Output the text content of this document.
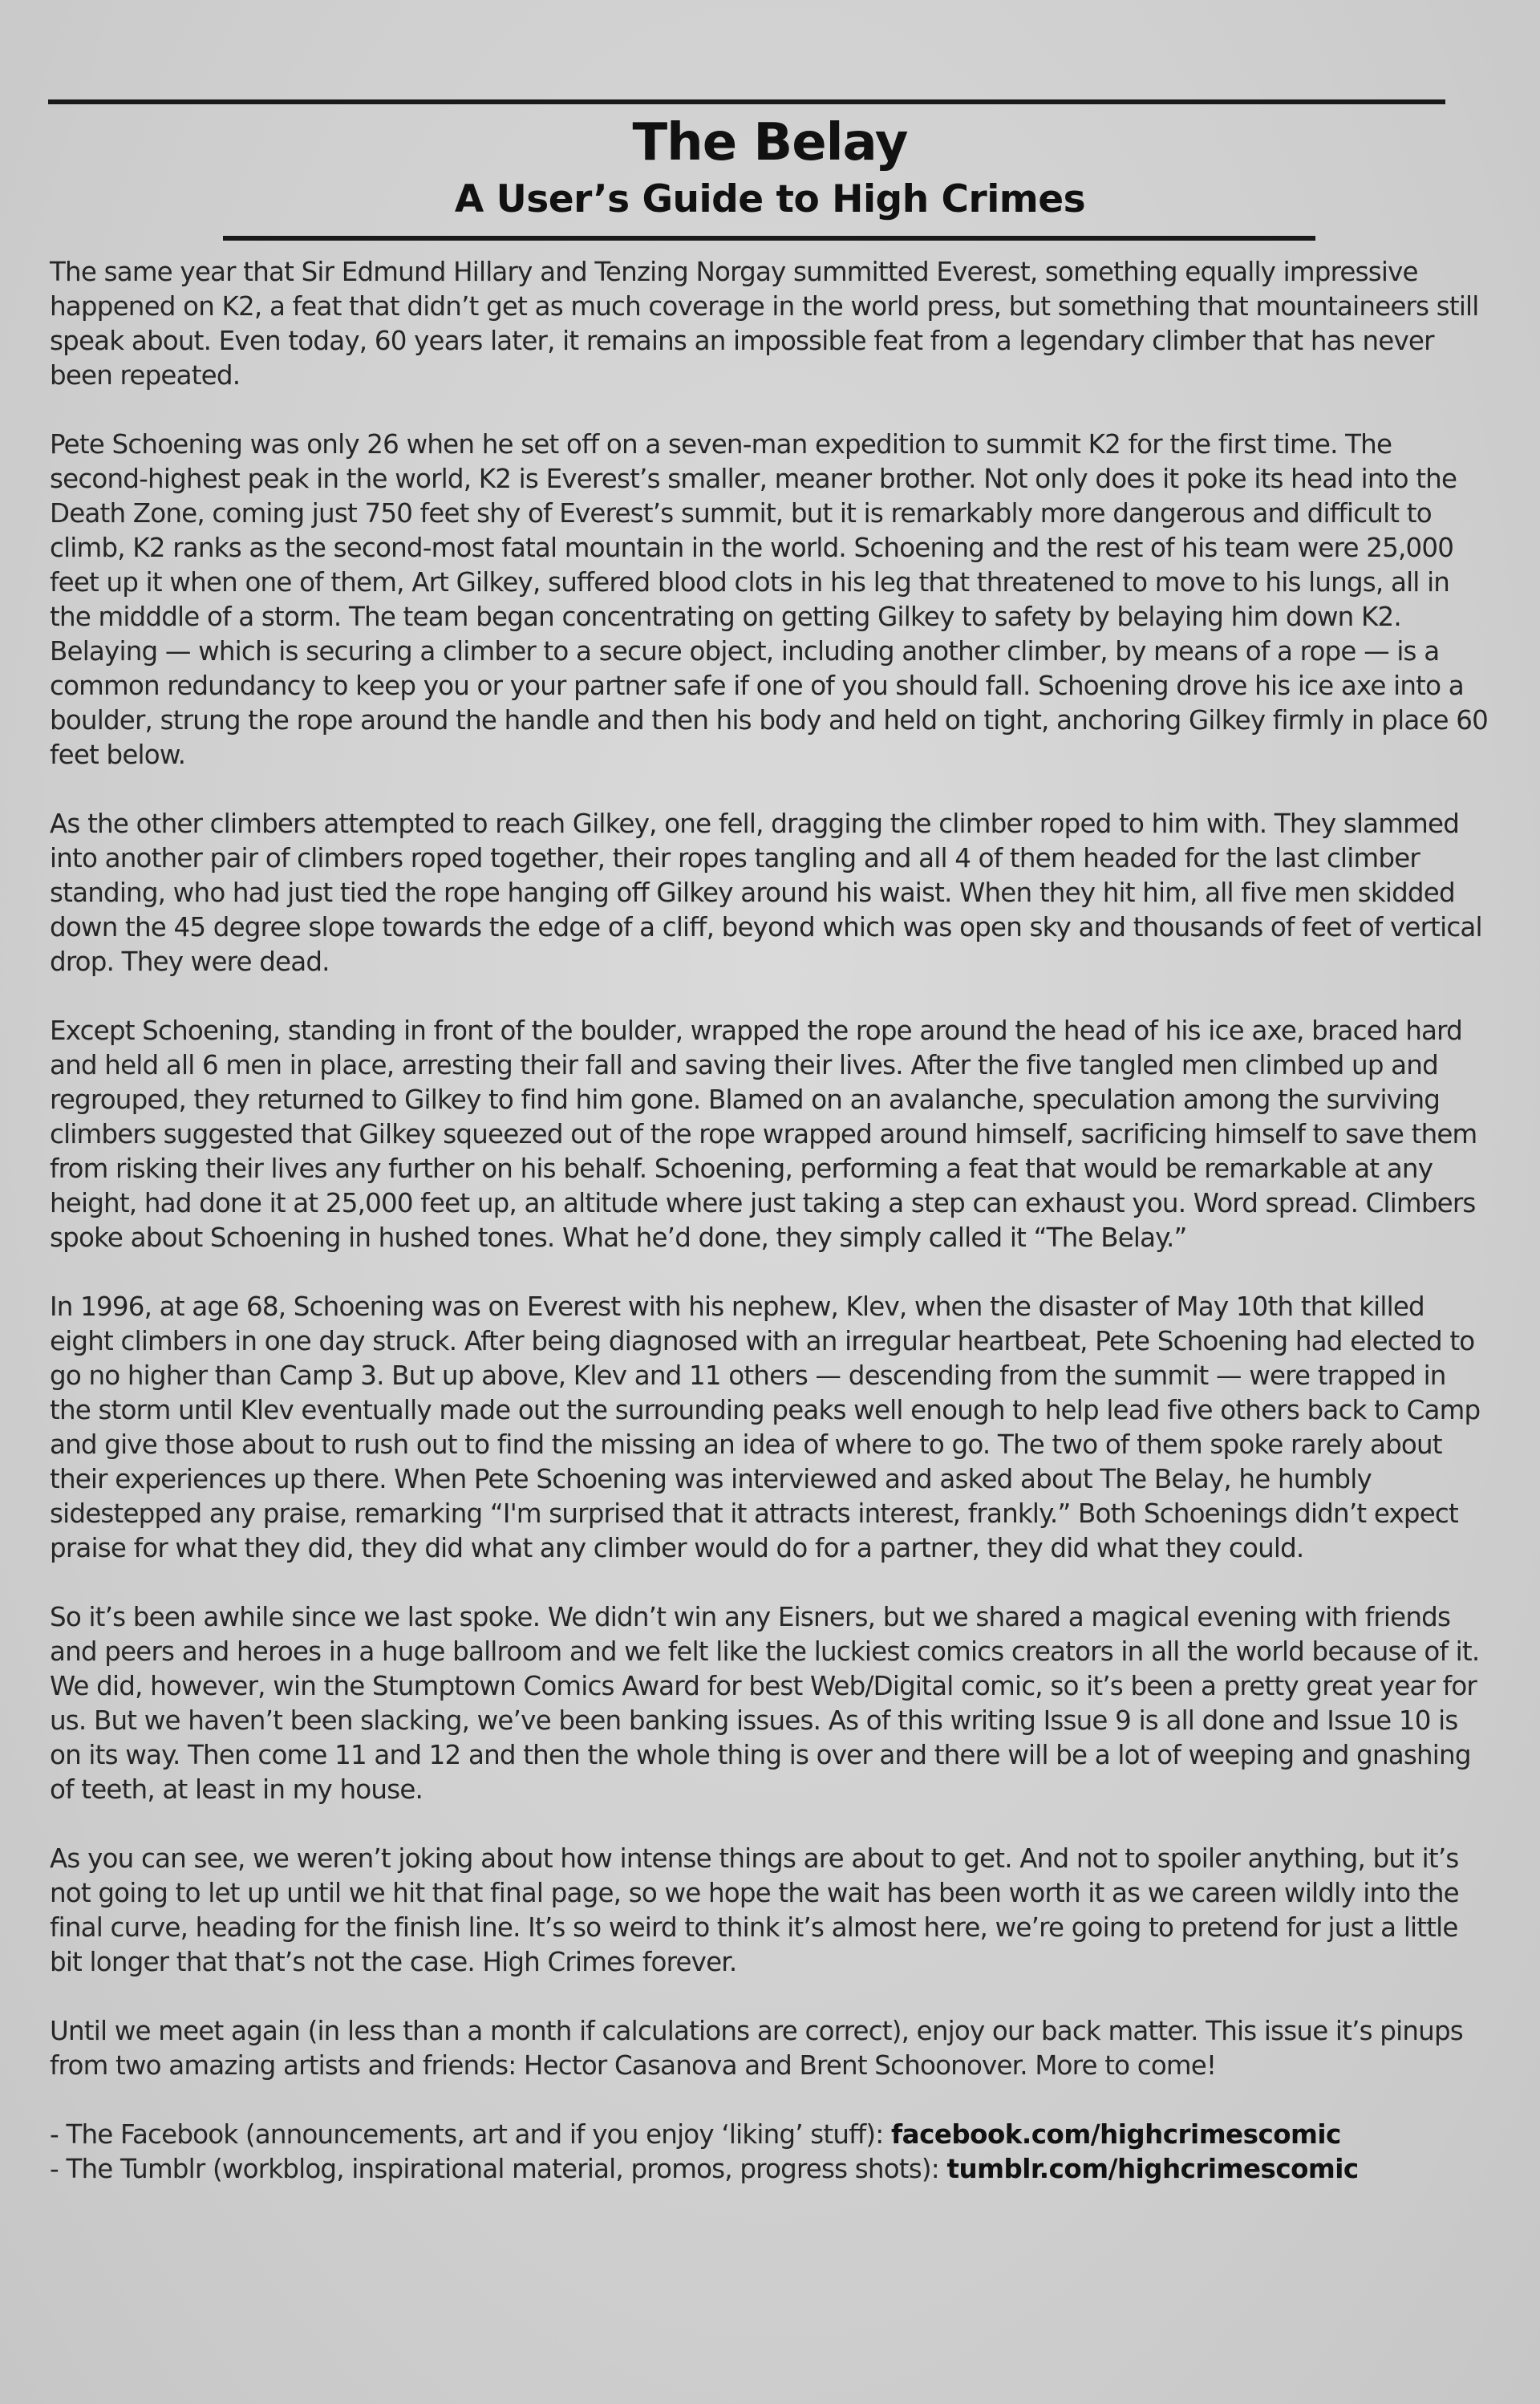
The Belay
A User’s Guide to High Crimes

The same year that Sir Edmund Hillary and Tenzing Norgay summitted Everest, something equally impressive happened on K2, a feat that didn’t get as much coverage in the world press, but something that mountaineers still speak about. Even today, 60 years later, it remains an impossible feat from a legendary climber that has never been repeated.

Pete Schoening was only 26 when he set off on a seven-man expedition to summit K2 for the first time. The second-highest peak in the world, K2 is Everest’s smaller, meaner brother. Not only does it poke its head into the Death Zone, coming just 750 feet shy of Everest’s summit, but it is remarkably more dangerous and difficult to climb, K2 ranks as the second-most fatal mountain in the world. Schoening and the rest of his team were 25,000 feet up it when one of them, Art Gilkey, suffered blood clots in his leg that threatened to move to his lungs, all in the midddle of a storm. The team began concentrating on getting Gilkey to safety by belaying him down K2. Belaying — which is securing a climber to a secure object, including another climber, by means of a rope — is a common redundancy to keep you or your partner safe if one of you should fall. Schoening drove his ice axe into a boulder, strung the rope around the handle and then his body and held on tight, anchoring Gilkey firmly in place 60 feet below.

As the other climbers attempted to reach Gilkey, one fell, dragging the climber roped to him with. They slammed into another pair of climbers roped together, their ropes tangling and all 4 of them headed for the last climber standing, who had just tied the rope hanging off Gilkey around his waist. When they hit him, all five men skidded down the 45 degree slope towards the edge of a cliff, beyond which was open sky and thousands of feet of vertical drop. They were dead.

Except Schoening, standing in front of the boulder, wrapped the rope around the head of his ice axe, braced hard and held all 6 men in place, arresting their fall and saving their lives. After the five tangled men climbed up and regrouped, they returned to Gilkey to find him gone. Blamed on an avalanche, speculation among the surviving climbers suggested that Gilkey squeezed out of the rope wrapped around himself, sacrificing himself to save them from risking their lives any further on his behalf. Schoening, performing a feat that would be remarkable at any height, had done it at 25,000 feet up, an altitude where just taking a step can exhaust you. Word spread. Climbers spoke about Schoening in hushed tones. What he’d done, they simply called it “The Belay.”

In 1996, at age 68, Schoening was on Everest with his nephew, Klev, when the disaster of May 10th that killed eight climbers in one day struck. After being diagnosed with an irregular heartbeat, Pete Schoening had elected to go no higher than Camp 3. But up above, Klev and 11 others — descending from the summit — were trapped in the storm until Klev eventually made out the surrounding peaks well enough to help lead five others back to Camp and give those about to rush out to find the missing an idea of where to go. The two of them spoke rarely about their experiences up there. When Pete Schoening was interviewed and asked about The Belay, he humbly sidestepped any praise, remarking “I'm surprised that it attracts interest, frankly.” Both Schoenings didn’t expect praise for what they did, they did what any climber would do for a partner, they did what they could.

So it’s been awhile since we last spoke. We didn’t win any Eisners, but we shared a magical evening with friends and peers and heroes in a huge ballroom and we felt like the luckiest comics creators in all the world because of it. We did, however, win the Stumptown Comics Award for best Web/Digital comic, so it’s been a pretty great year for us. But we haven’t been slacking, we’ve been banking issues. As of this writing Issue 9 is all done and Issue 10 is on its way. Then come 11 and 12 and then the whole thing is over and there will be a lot of weeping and gnashing of teeth, at least in my house.

As you can see, we weren’t joking about how intense things are about to get. And not to spoiler anything, but it’s not going to let up until we hit that final page, so we hope the wait has been worth it as we careen wildly into the final curve, heading for the finish line. It’s so weird to think it’s almost here, we’re going to pretend for just a little bit longer that that’s not the case. High Crimes forever.

Until we meet again (in less than a month if calculations are correct), enjoy our back matter. This issue it’s pinups from two amazing artists and friends: Hector Casanova and Brent Schoonover. More to come!

- The Facebook (announcements, art and if you enjoy ‘liking’ stuff): facebook.com/highcrimescomic

- The Tumblr (workblog, inspirational material, promos, progress shots): tumblr.com/highcrimescomic
